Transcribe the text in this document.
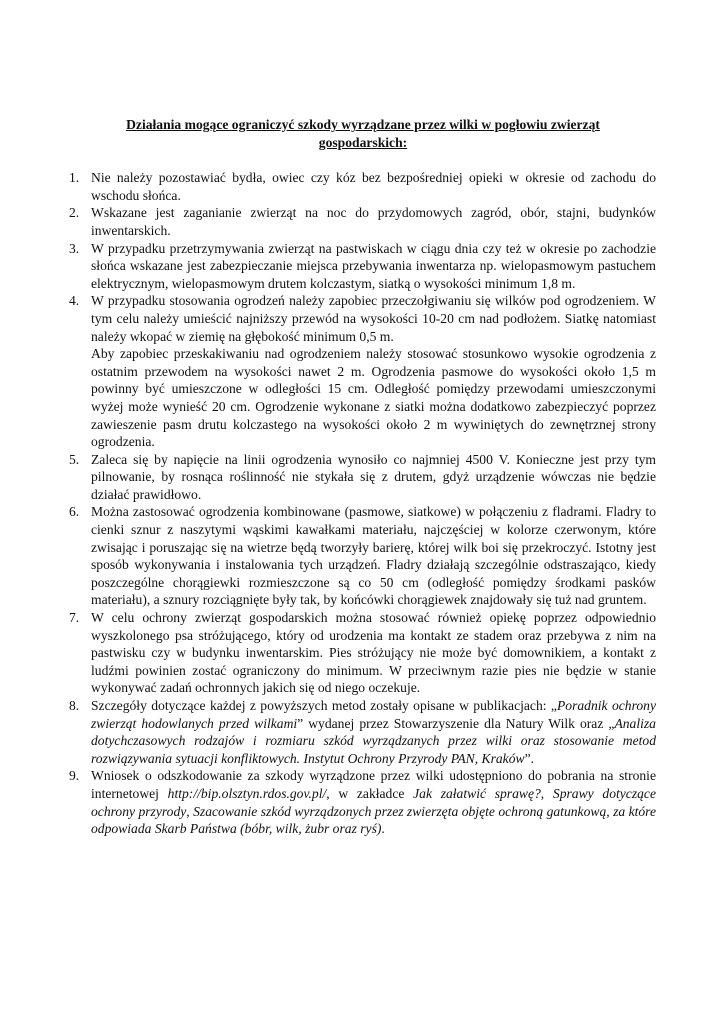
Działania mogące ograniczyć szkody wyrządzane przez wilki w pogłowiu zwierząt gospodarskich:
1. Nie należy pozostawiać bydła, owiec czy kóz bez bezpośredniej opieki w okresie od zachodu do wschodu słońca.

2. Wskazane jest zaganianie zwierząt na noc do przydomowych zagród, obór, stajni, budynków inwentarskich.

3. W przypadku przetrzymywania zwierząt na pastwiskach w ciągu dnia czy też w okresie po zachodzie słońca wskazane jest zabezpieczanie miejsca przebywania inwentarza np. wielopasmowym pastuchem elektrycznym, wielopasmowym drutem kolczastym, siatką o wysokości minimum 1,8 m.

4. W przypadku stosowania ogrodzeń należy zapobiec przeczołgiwaniu się wilków pod ogrodzeniem. W tym celu należy umieścić najniższy przewód na wysokości 10-20 cm nad podłożem. Siatkę natomiast należy wkopać w ziemię na głębokość minimum 0,5 m.

Aby zapobiec przeskakiwaniu nad ogrodzeniem należy stosować stosunkowo wysokie ogrodzenia z ostatnim przewodem na wysokości nawet 2 m. Ogrodzenia pasmowe do wysokości około 1,5 m powinny być umieszczone w odległości 15 cm. Odległość pomiędzy przewodami umieszczonymi wyżej może wynieść 20 cm. Ogrodzenie wykonane z siatki można dodatkowo zabezpieczyć poprzez zawieszenie pasm drutu kolczastego na wysokości około 2 m wywiniętych do zewnętrznej strony ogrodzenia.

5. Zaleca się by napięcie na linii ogrodzenia wynosiło co najmniej 4500 V. Konieczne jest przy tym pilnowanie, by rosnąca roślinność nie stykała się z drutem, gdyż urządzenie wówczas nie będzie działać prawidłowo.

6. Można zastosować ogrodzenia kombinowane (pasmowe, siatkowe) w połączeniu z fladrami. Fladry to cienki sznur z naszytymi wąskimi kawałkami materiału, najczęściej w kolorze czerwonym, które zwisając i poruszając się na wietrze będą tworzyły barierę, której wilk boi się przekroczyć. Istotny jest sposób wykonywania i instalowania tych urządzeń. Fladry działają szczególnie odstraszająco, kiedy poszczególne chorągiewki rozmieszczone są co 50 cm (odległość pomiędzy środkami pasków materiału), a sznury rozciągnięte były tak, by końcówki chorągiewek znajdowały się tuż nad gruntem.

7. W celu ochrony zwierząt gospodarskich można stosować również opiekę poprzez odpowiednio wyszkolonego psa stróżującego, który od urodzenia ma kontakt ze stadem oraz przebywa z nim na pastwisku czy w budynku inwentarskim. Pies stróżujący nie może być domownikiem, a kontakt z ludźmi powinien zostać ograniczony do minimum. W przeciwnym razie pies nie będzie w stanie wykonywać zadań ochronnych jakich się od niego oczekuje.

8. Szczegóły dotyczące każdej z powyższych metod zostały opisane w publikacjach: „Poradnik ochrony zwierząt hodowlanych przed wilkami” wydanej przez Stowarzyszenie dla Natury Wilk oraz „Analiza dotychczasowych rodzajów i rozmiaru szkód wyrządzanych przez wilki oraz stosowanie metod rozwiązywania sytuacji konfliktowych. Instytut Ochrony Przyrody PAN, Kraków”.

9. Wniosek o odszkodowanie za szkody wyrządzone przez wilki udostępniono do pobrania na stronie internetowej http://bip.olsztyn.rdos.gov.pl/, w zakładce Jak załatwić sprawę?, Sprawy dotyczące ochrony przyrody, Szacowanie szkód wyrządzonych przez zwierzęta objęte ochroną gatunkową, za które odpowiada Skarb Państwa (bóbr, wilk, żubr oraz ryś).
